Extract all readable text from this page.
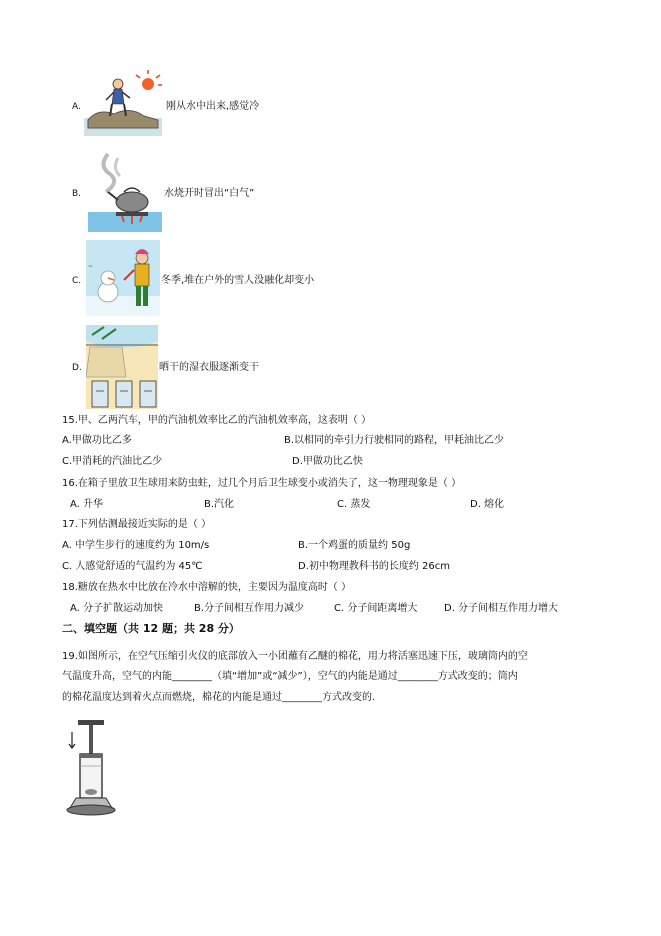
A.	刚从水中出来,感觉冷
B.	水烧开时冒出“白气”
C.
~
冬季,堆在户外的雪人没融化却变小
D.	晒干的湿衣服逐渐变干
15.甲、乙两汽车，甲的汽油机效率比乙的汽油机效率高，这表明（ ）
A.甲做功比乙多	B.以相同的牵引力行驶相同的路程，甲耗油比乙少
C.甲消耗的汽油比乙少	D.甲做功比乙快
16.在箱子里放卫生球用来防虫蛀，过几个月后卫生球变小或消失了，这一物理现象是（ ）
A. 升华	B.汽化	C. 蒸发	D. 熔化
17.下列估测最接近实际的是（ ）
A. 中学生步行的速度约为 10m/s	B.一个鸡蛋的质量约 50g
C. 人感觉舒适的气温约为 45℃	D.初中物理教科书的长度约 26cm
18.糖放在热水中比放在冷水中溶解的快，主要因为温度高时（ ）
A. 分子扩散运动加快	B.分子间相互作用力减少	C. 分子间距离增大	D. 分子间相互作用力增大
二、填空题（共 12 题；共 28 分）
19.如图所示，在空气压缩引火仪的底部放入一小团蘸有乙醚的棉花，用力将活塞迅速下压，玻璃筒内的空
气温度升高，空气的内能________（填“增加”或“减少”），空气的内能是通过________方式改变的；筒内
的棉花温度达到着火点而燃烧，棉花的内能是通过________方式改变的.
